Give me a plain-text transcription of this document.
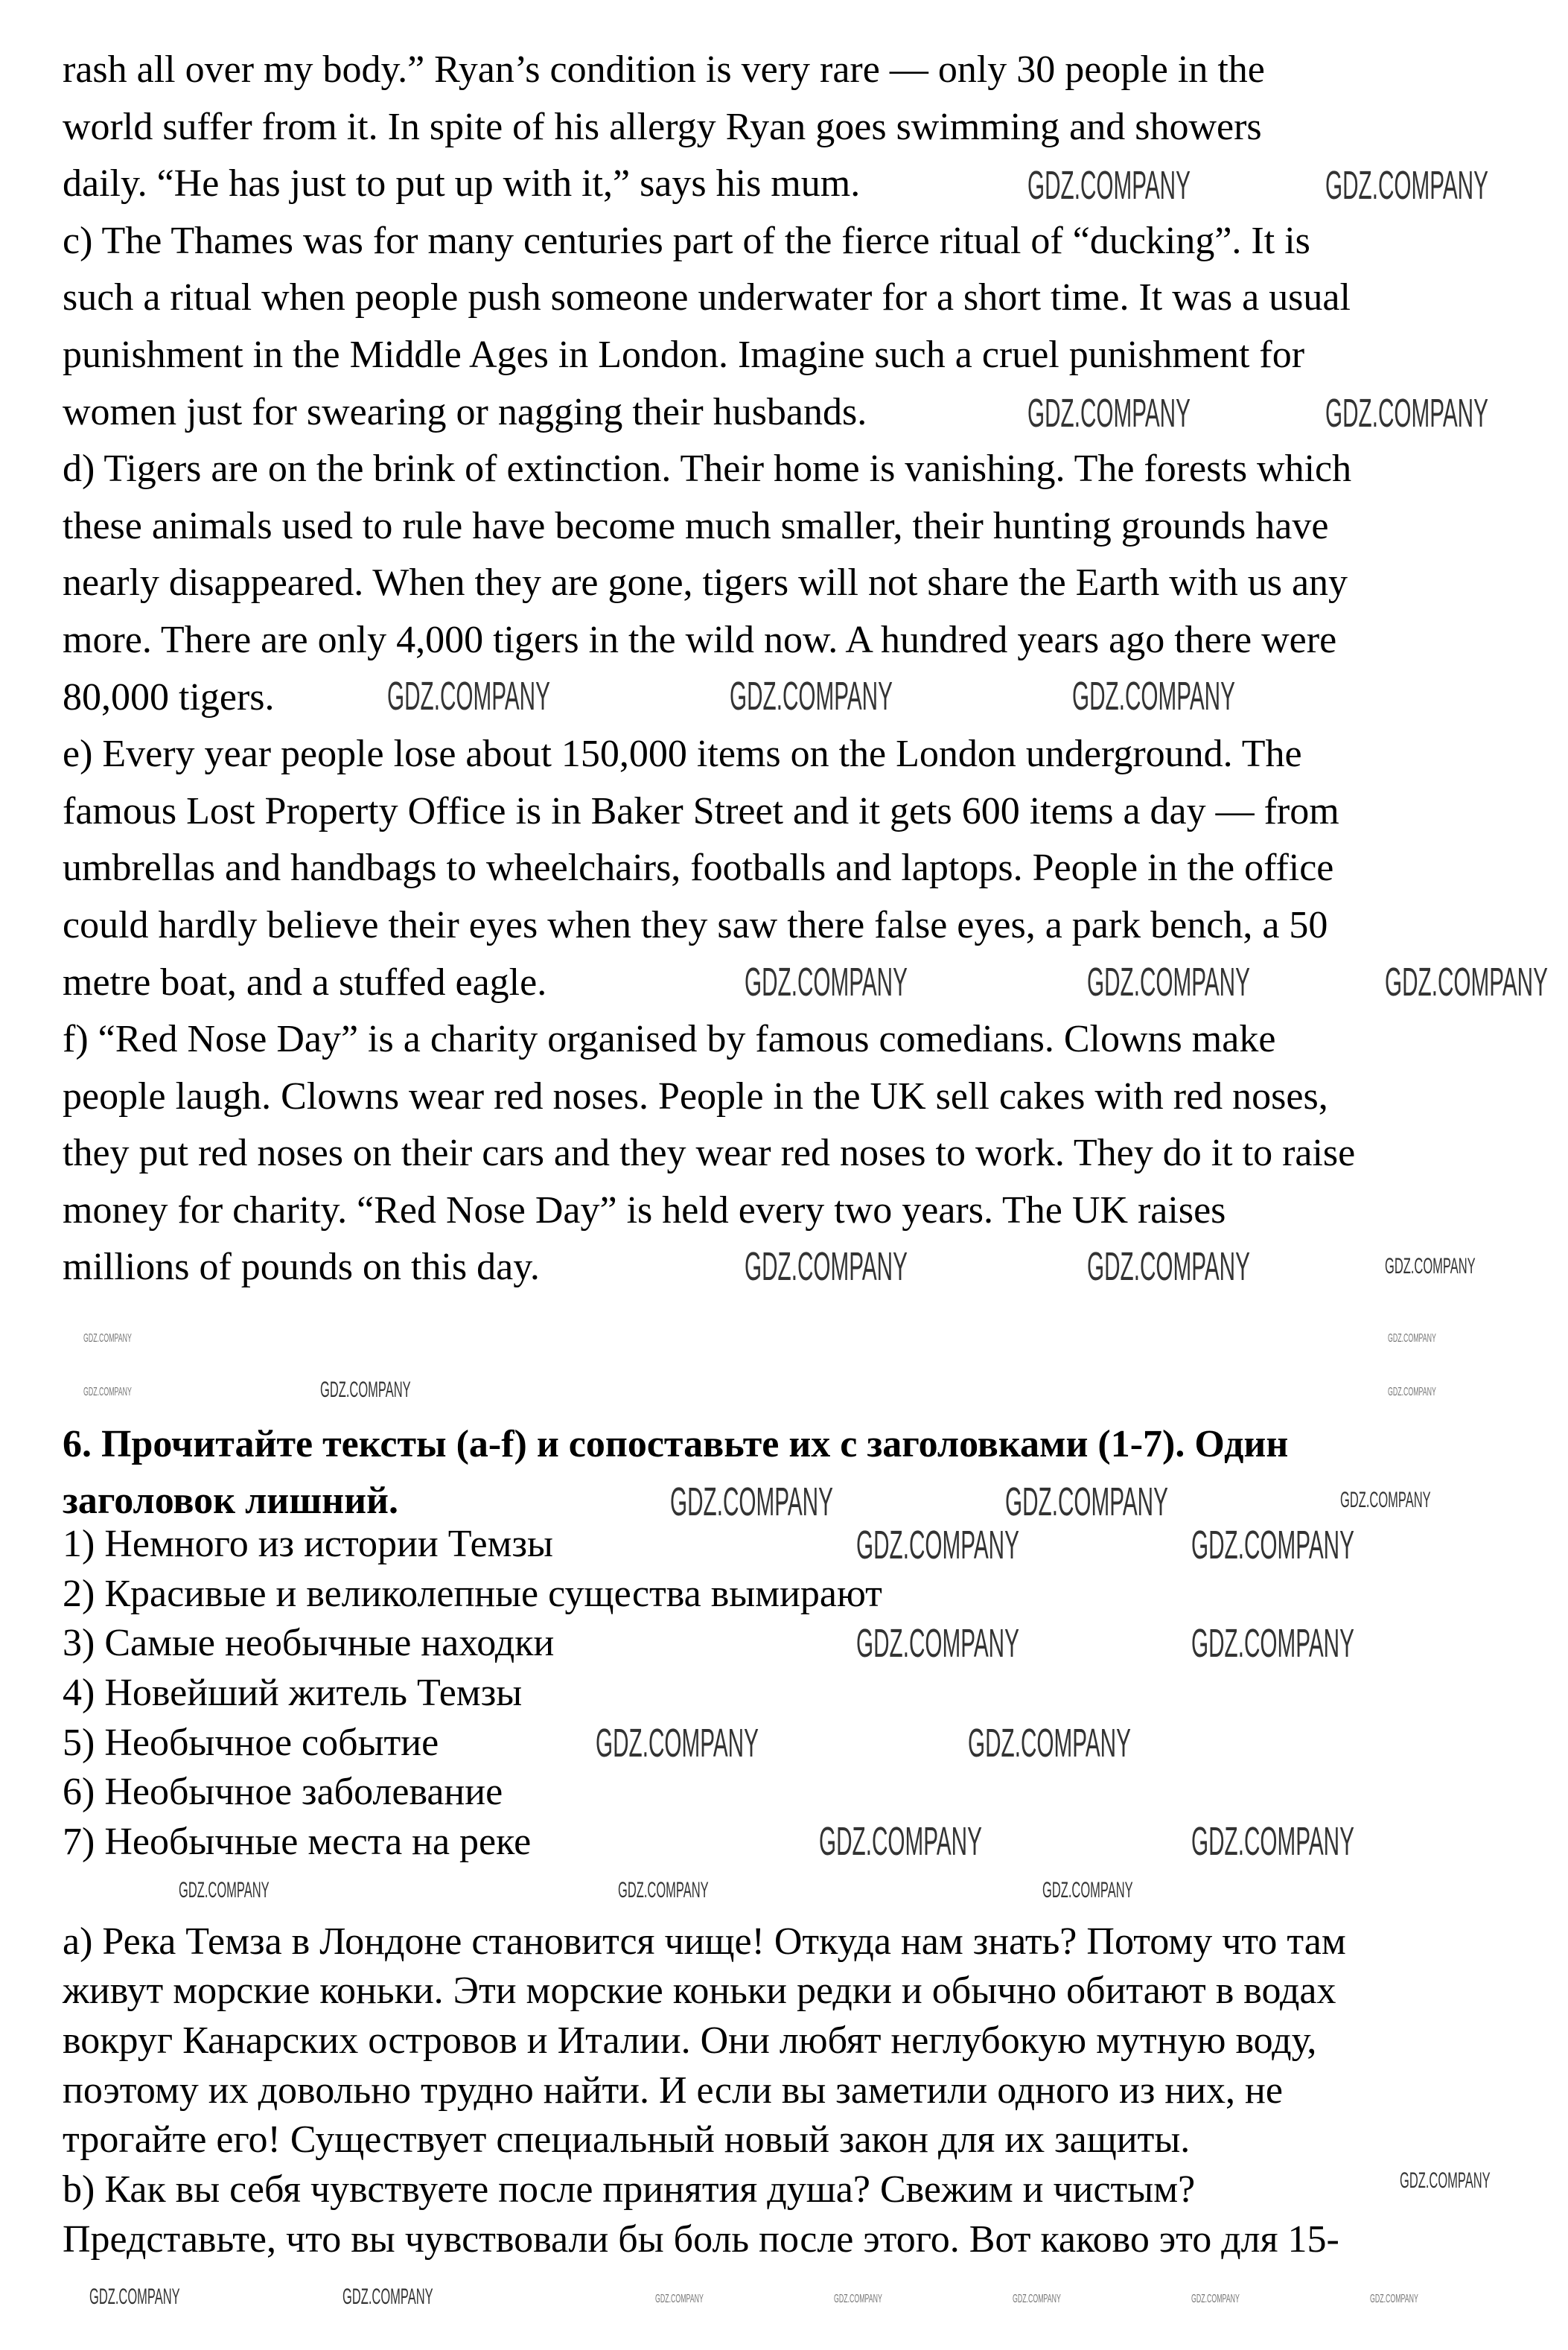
rash all over my body.” Ryan’s condition is very rare — only 30 people in the
world suffer from it. In spite of his allergy Ryan goes swimming and showers
daily. “He has just to put up with it,” says his mum.
c) The Thames was for many centuries part of the fierce ritual of “ducking”. It is
such a ritual when people push someone underwater for a short time. It was a usual
punishment in the Middle Ages in London. Imagine such a cruel punishment for
women just for swearing or nagging their husbands.
d) Tigers are on the brink of extinction. Their home is vanishing. The forests which
these animals used to rule have become much smaller, their hunting grounds have
nearly disappeared. When they are gone, tigers will not share the Earth with us any
more. There are only 4,000 tigers in the wild now. A hundred years ago there were
80,000 tigers.
e) Every year people lose about 150,000 items on the London underground. The
famous Lost Property Office is in Baker Street and it gets 600 items a day — from
umbrellas and handbags to wheelchairs, footballs and laptops. People in the office
could hardly believe their eyes when they saw there false eyes, a park bench, a 50
metre boat, and a stuffed eagle.
f) “Red Nose Day” is a charity organised by famous comedians. Clowns make
people laugh. Clowns wear red noses. People in the UK sell cakes with red noses,
they put red noses on their cars and they wear red noses to work. They do it to raise
money for charity. “Red Nose Day” is held every two years. The UK raises
millions of pounds on this day.
6. Прочитайте тексты (a-f) и сопоставьте их с заголовками (1-7). Один
заголовок лишний.
1) Немного из истории Темзы
2) Красивые и великолепные существа вымирают
3) Самые необычные находки
4) Новейший житель Темзы
5) Необычное событие
6) Необычное заболевание
7) Необычные места на реке
a) Река Темза в Лондоне становится чище! Откуда нам знать? Потому что там
живут морские коньки. Эти морские коньки редки и обычно обитают в водах
вокруг Канарских островов и Италии. Они любят неглубокую мутную воду,
поэтому их довольно трудно найти. И если вы заметили одного из них, не
трогайте его! Существует специальный новый закон для их защиты.
b) Как вы себя чувствуете после принятия душа? Свежим и чистым?
Представьте, что вы чувствовали бы боль после этого. Вот каково это для 15-
GDZ.COMPANY	GDZ.COMPANY
GDZ.COMPANY	GDZ.COMPANY
GDZ.COMPANY	GDZ.COMPANY	GDZ.COMPANY
GDZ.COMPANY	GDZ.COMPANY	GDZ.COMPANY
GDZ.COMPANY	GDZ.COMPANY	GDZ.COMPANY
GDZ.COMPANY	GDZ.COMPANY
GDZ.COMPANY
GDZ.COMPANY	GDZ.COMPANY
GDZ.COMPANY	GDZ.COMPANY	GDZ.COMPANY
GDZ.COMPANY	GDZ.COMPANY
GDZ.COMPANY	GDZ.COMPANY
GDZ.COMPANY	GDZ.COMPANY
GDZ.COMPANY	GDZ.COMPANY
GDZ.COMPANY	GDZ.COMPANY	GDZ.COMPANY
GDZ.COMPANY
GDZ.COMPANY	GDZ.COMPANY	GDZ.COMPANY	GDZ.COMPANY	GDZ.COMPANY	GDZ.COMPANY	GDZ.COMPANY
